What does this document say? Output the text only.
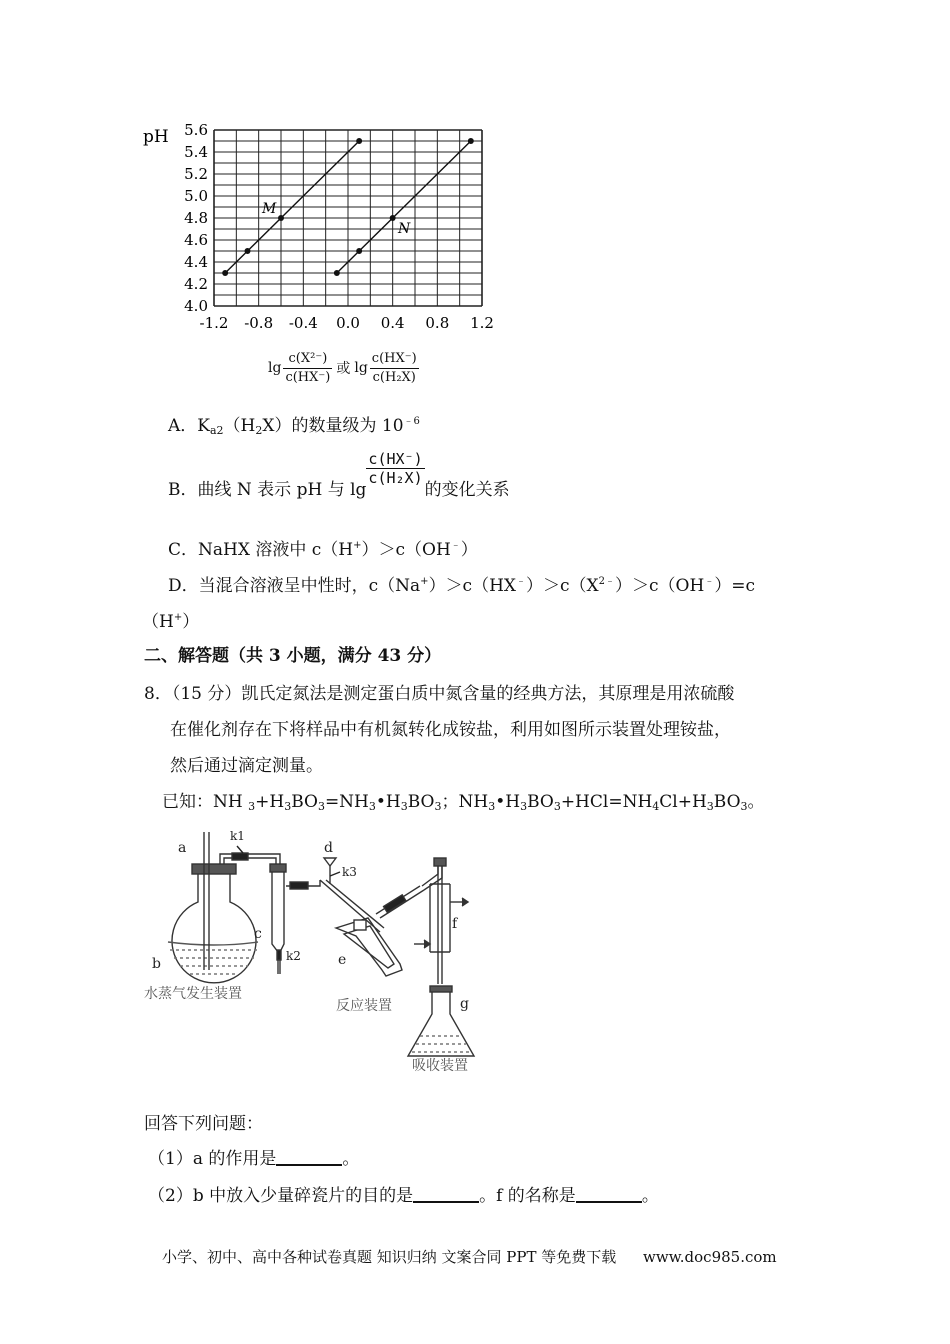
5.6
5.4
5.2
5.0
4.8
4.6
4.4
4.2
4.0
-1.2 -0.8 -0.4 0.0 0.4 0.8 1.2
pH
M
N
$\lg \frac{\text{c(X²⁻)}}{c(HX^-)}$ 或 $\lg \frac{c(HX^-)}{\text{c(H₂X)}}$
A．$K_{a2}(H_2X)$的数量级为 $10^{﹣6}$
B．曲线 N 表示 pH 与 lg
$\frac{c(HX^-)}{\text{c(H₂X)}}$
的变化关系
C．NaHX 溶液中 c（H+）＞c（OH﹣）
D．当混合溶液呈中性时，$c(Na^+)>c(HX^﹣)>c(X^{2﹣})>c(OH^﹣)=c$
（H+）
二、解答题（共 3 小题，满分 43 分）
8．（15 分）凯氏定氮法是测定蛋白质中氮含量的经典方法，其原理是用浓硫酸
在催化剂存在下将样品中有机氮转化成铵盐，利用如图所示装置处理铵盐，
然后通过滴定测量。
已知：NH $_3+H_3BO_3=NH_3•H_3BO_3$；$NH_3•H_3BO_3+HCl=NH_4Cl+H_3BO_3$。
a
b
c
d
e
f
g
k1
k2
k3
水蒸气发生装置
反应装置
吸收装置
回答下列问题：
（1）a 的作用是	。
（2）b 中放入少量碎瓷片的目的是	。f 的名称是	。
小学、初中、高中各种试卷真题 知识归纳 文案合同 PPT 等免费下载 www.doc985.com
